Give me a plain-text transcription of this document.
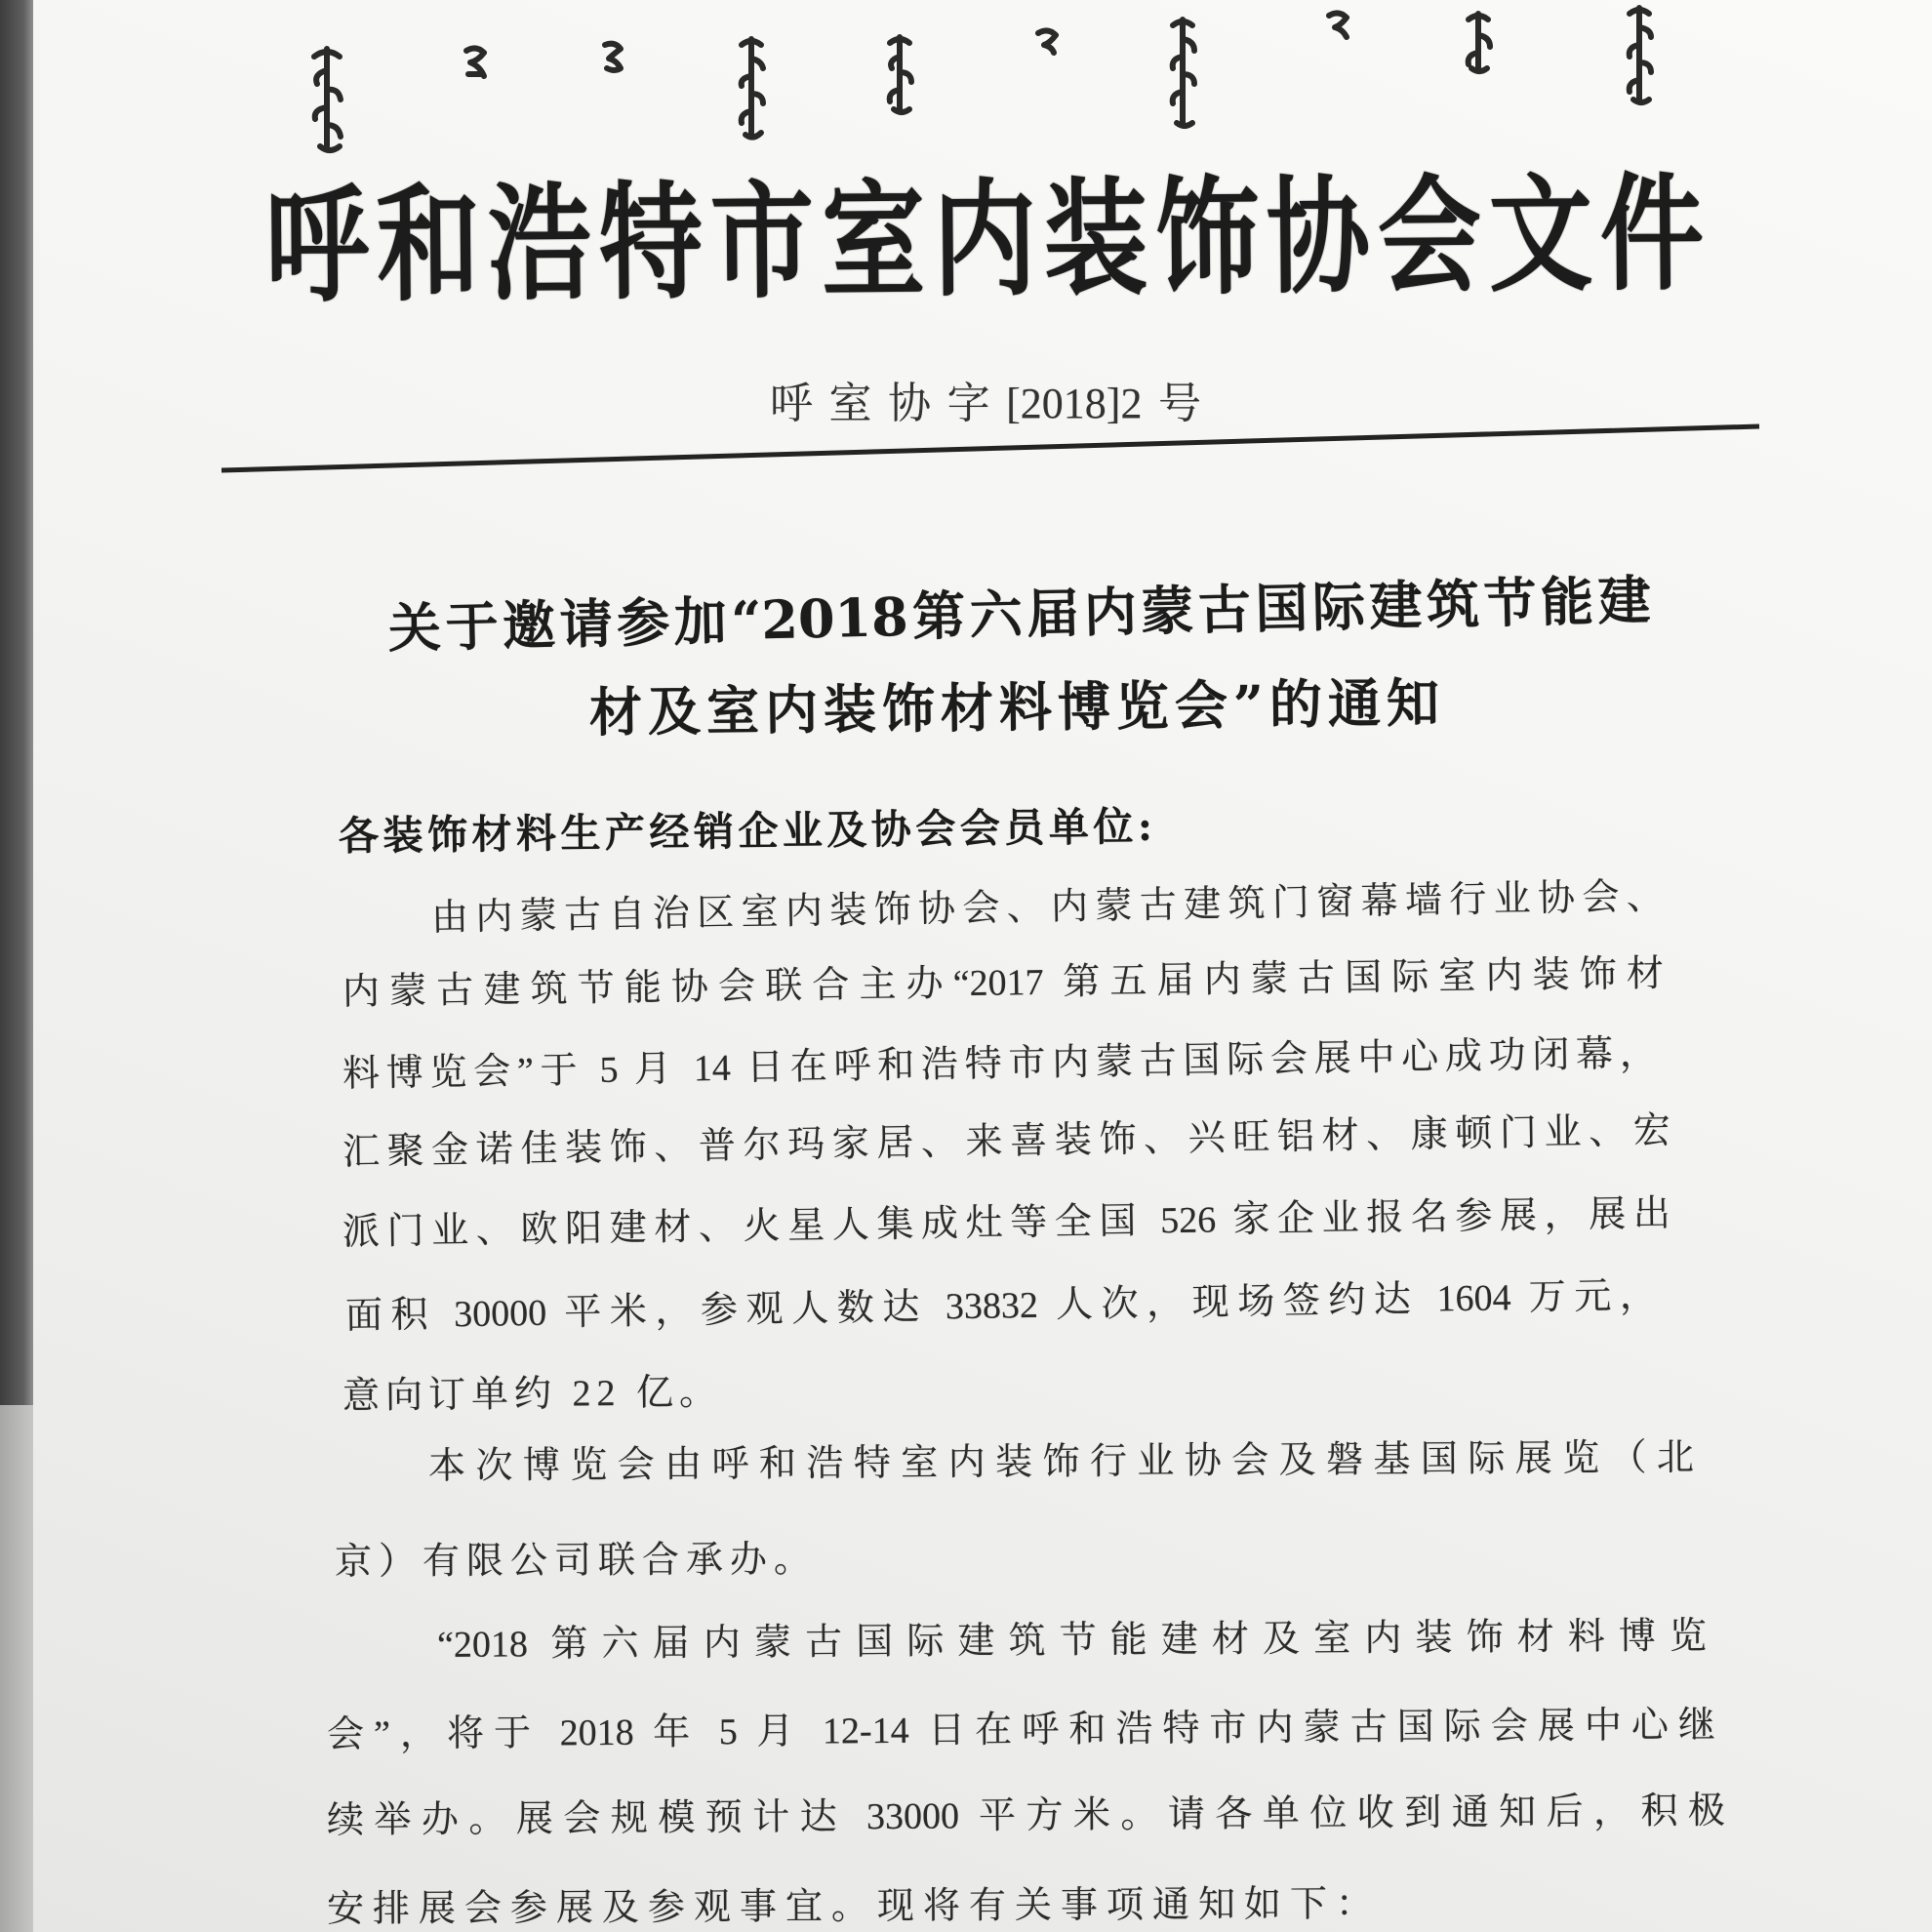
呼和浩特市室内装饰协会文件
呼室协字[2018]2号
关于邀请参加“2018第六届内蒙古国际建筑节能建
材及室内装饰材料博览会”的通知
各装饰材料生产经销企业及协会会员单位:
由内蒙古自治区室内装饰协会、内蒙古建筑门窗幕墙行业协会、
内蒙古建筑节能协会联合主办“2017 第五届内蒙古国际室内装饰材
料博览会”于 5 月 14 日在呼和浩特市内蒙古国际会展中心成功闭幕，
汇聚金诺佳装饰、普尔玛家居、来喜装饰、兴旺铝材、康顿门业、宏
派门业、欧阳建材、火星人集成灶等全国 526 家企业报名参展，展出
面积 30000 平米，参观人数达 33832 人次，现场签约达 1604 万元，
意向订单约 22 亿。
本次博览会由呼和浩特室内装饰行业协会及磐基国际展览（北
京）有限公司联合承办。
“2018 第六届内蒙古国际建筑节能建材及室内装饰材料博览
会”，将于 2018 年 5 月 12-14 日在呼和浩特市内蒙古国际会展中心继
续举办。展会规模预计达 33000 平方米。请各单位收到通知后，积极
安排展会参展及参观事宜。现将有关事项通知如下：
